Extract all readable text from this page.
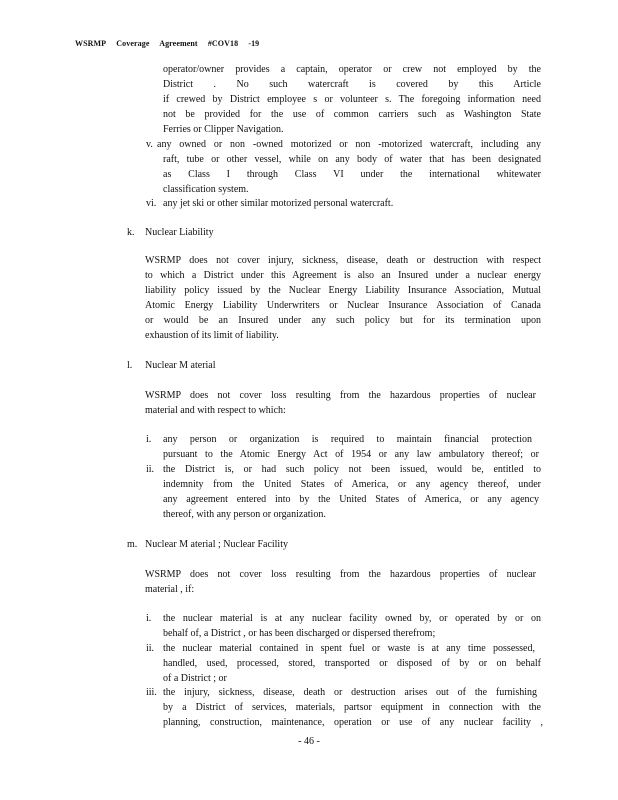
WSRMP Coverage Agreement #COV18 -19
operator/owner provides a captain, operator or crew not employed by the
District . No such watercraft is covered by this Article
if crewed by District employee s or volunteer s. The foregoing information need
not be provided for the use of common carriers such as Washington State
Ferries or Clipper Navigation.
v. any owned or non -owned motorized or non -motorized watercraft, including any
raft, tube or other vessel, while on any body of water that has been designated
as Class I through Class VI under the international whitewater
classification system.
vi. any jet ski or other similar motorized personal watercraft.
k. Nuclear Liability
WSRMP does not cover injury, sickness, disease, death or destruction with respect
to which a District under this Agreement is also an Insured under a nuclear energy
liability policy issued by the Nuclear Energy Liability Insurance Association, Mutual
Atomic Energy Liability Underwriters or Nuclear Insurance Association of Canada
or would be an Insured under any such policy but for its termination upon
exhaustion of its limit of liability.
l. Nuclear M aterial
WSRMP does not cover loss resulting from the hazardous properties of nuclear
material and with respect to which:
i. any person or organization is required to maintain financial protection
pursuant to the Atomic Energy Act of 1954 or any law ambulatory thereof; or
ii. the District is, or had such policy not been issued, would be, entitled to
indemnity from the United States of America, or any agency thereof, under
any agreement entered into by the United States of America, or any agency
thereof, with any person or organization.
m. Nuclear M aterial ; Nuclear Facility
WSRMP does not cover loss resulting from the hazardous properties of nuclear
material , if:
i. the nuclear material is at any nuclear facility owned by, or operated by or on
behalf of, a District , or has been discharged or dispersed therefrom;
ii. the nuclear material contained in spent fuel or waste is at any time possessed,
handled, used, processed, stored, transported or disposed of by or on behalf
of a District ; or
iii. the injury, sickness, disease, death or destruction arises out of the furnishing
by a District of services, materials, partsor equipment in connection with the
planning, construction, maintenance, operation or use of any nuclear facility ,
- 46 -
